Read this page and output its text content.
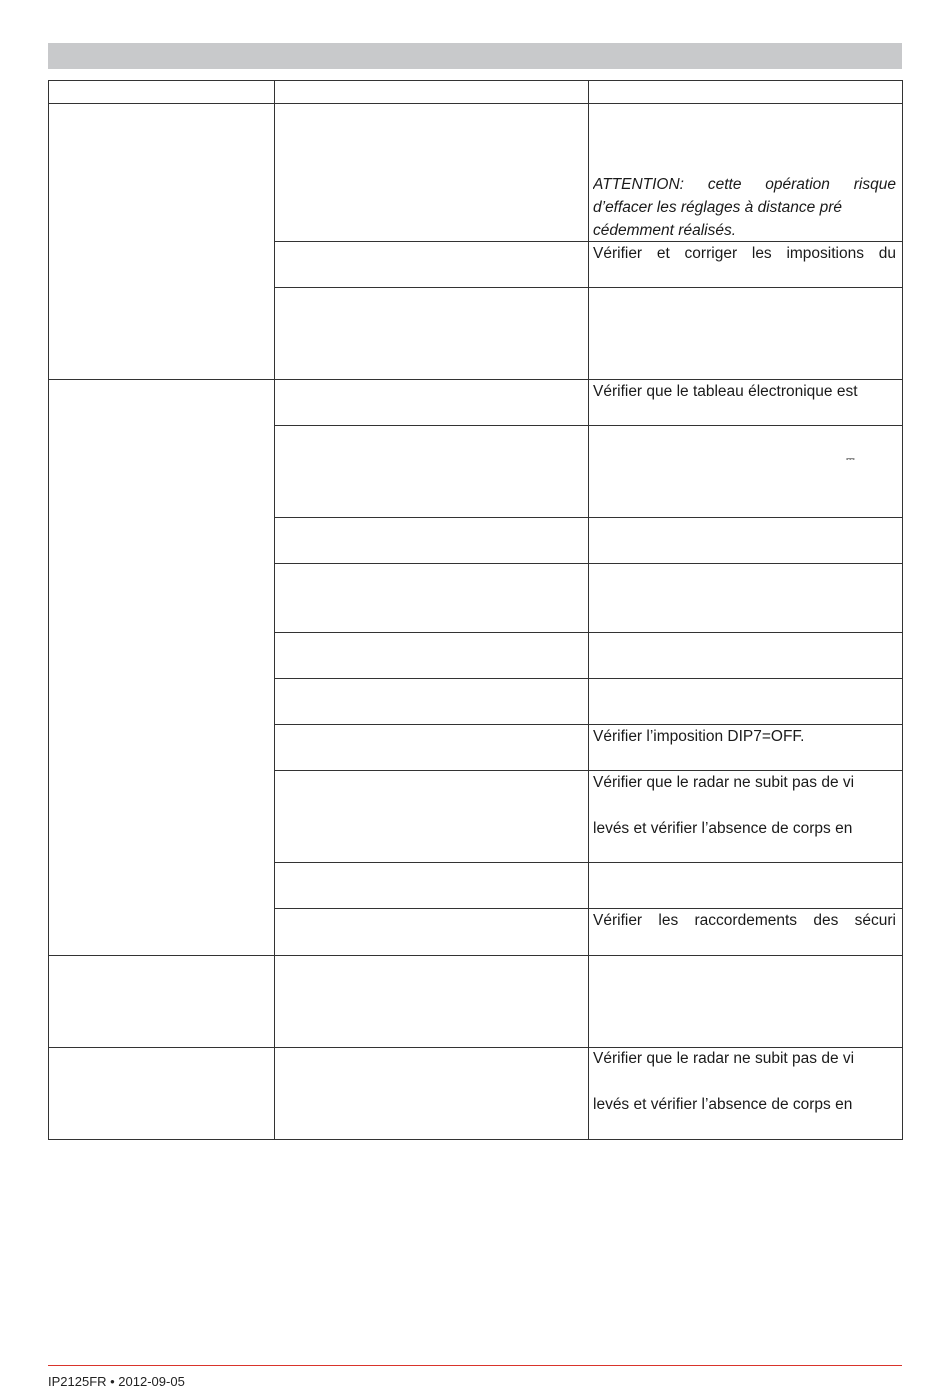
ATTENTION: cette opération risque
d’effacer les réglages à distance pré
cédemment réalisés.
Vérifier et corriger les impositions du
Vérifier que le tableau électronique est
⎓
Vérifier l’imposition DIP7=OFF.
Vérifier que le radar ne subit pas de vi
levés et vérifier l’absence de corps en
Vérifier les raccordements des sécuri
Vérifier que le radar ne subit pas de vi
levés et vérifier l’absence de corps en
IP2125FR • 2012-09-05
